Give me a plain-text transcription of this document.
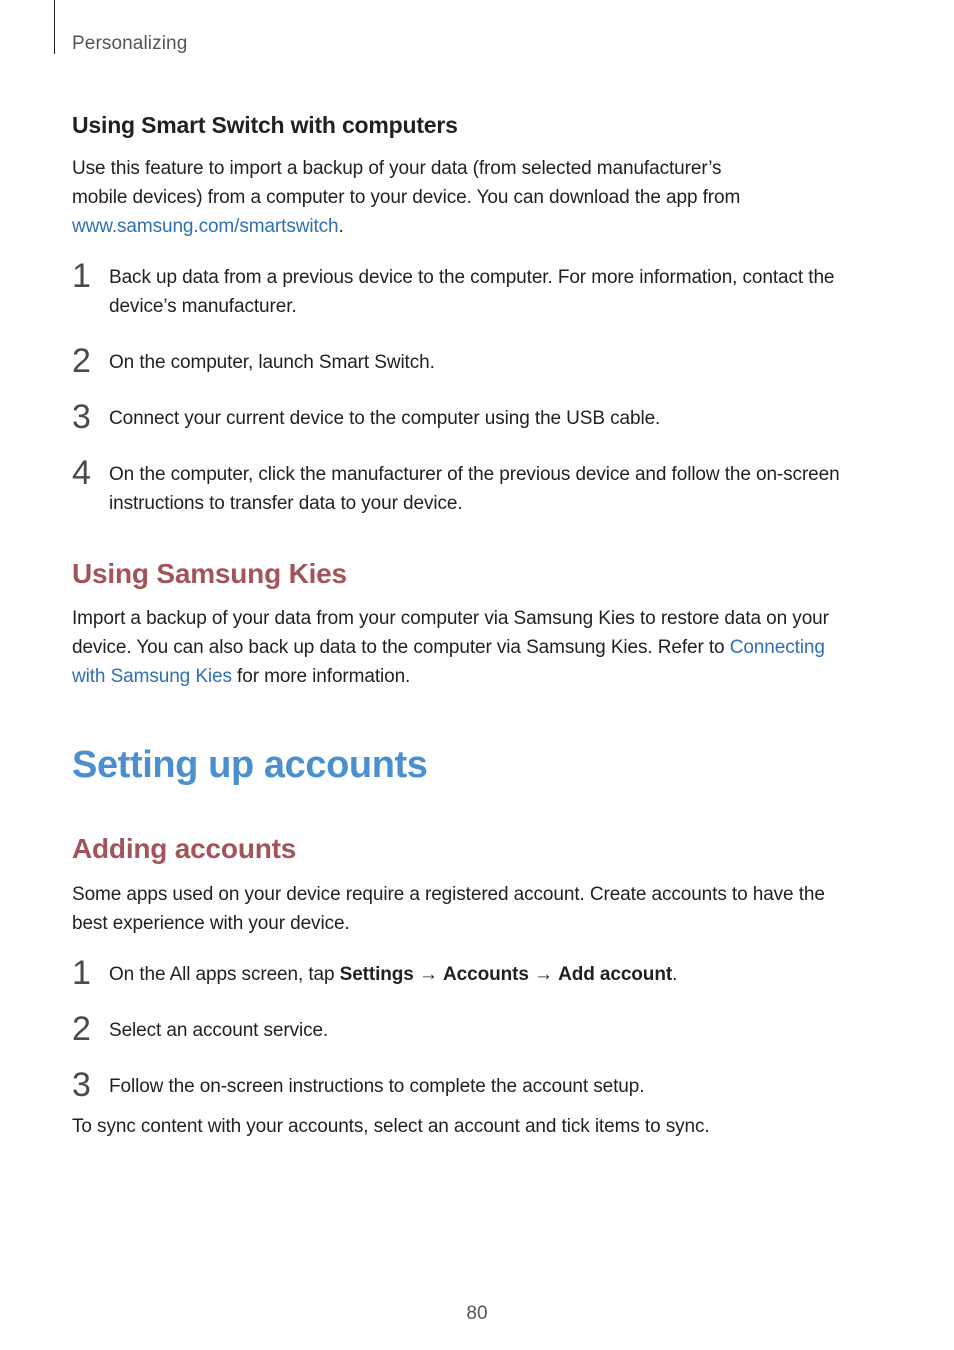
Personalizing
Using Smart Switch with computers
Use this feature to import a backup of your data (from selected manufacturer’s
mobile devices) from a computer to your device. You can download the app from
www.samsung.com/smartswitch.
1 Back up data from a previous device to the computer. For more information, contact the
device’s manufacturer.
2 On the computer, launch Smart Switch.
3 Connect your current device to the computer using the USB cable.
4 On the computer, click the manufacturer of the previous device and follow the on-screen
instructions to transfer data to your device.
Using Samsung Kies
Import a backup of your data from your computer via Samsung Kies to restore data on your
device. You can also back up data to the computer via Samsung Kies. Refer to Connecting
with Samsung Kies for more information.
Setting up accounts
Adding accounts
Some apps used on your device require a registered account. Create accounts to have the
best experience with your device.
1 On the All apps screen, tap Settings → Accounts → Add account.
2 Select an account service.
3 Follow the on-screen instructions to complete the account setup.
To sync content with your accounts, select an account and tick items to sync.
80
